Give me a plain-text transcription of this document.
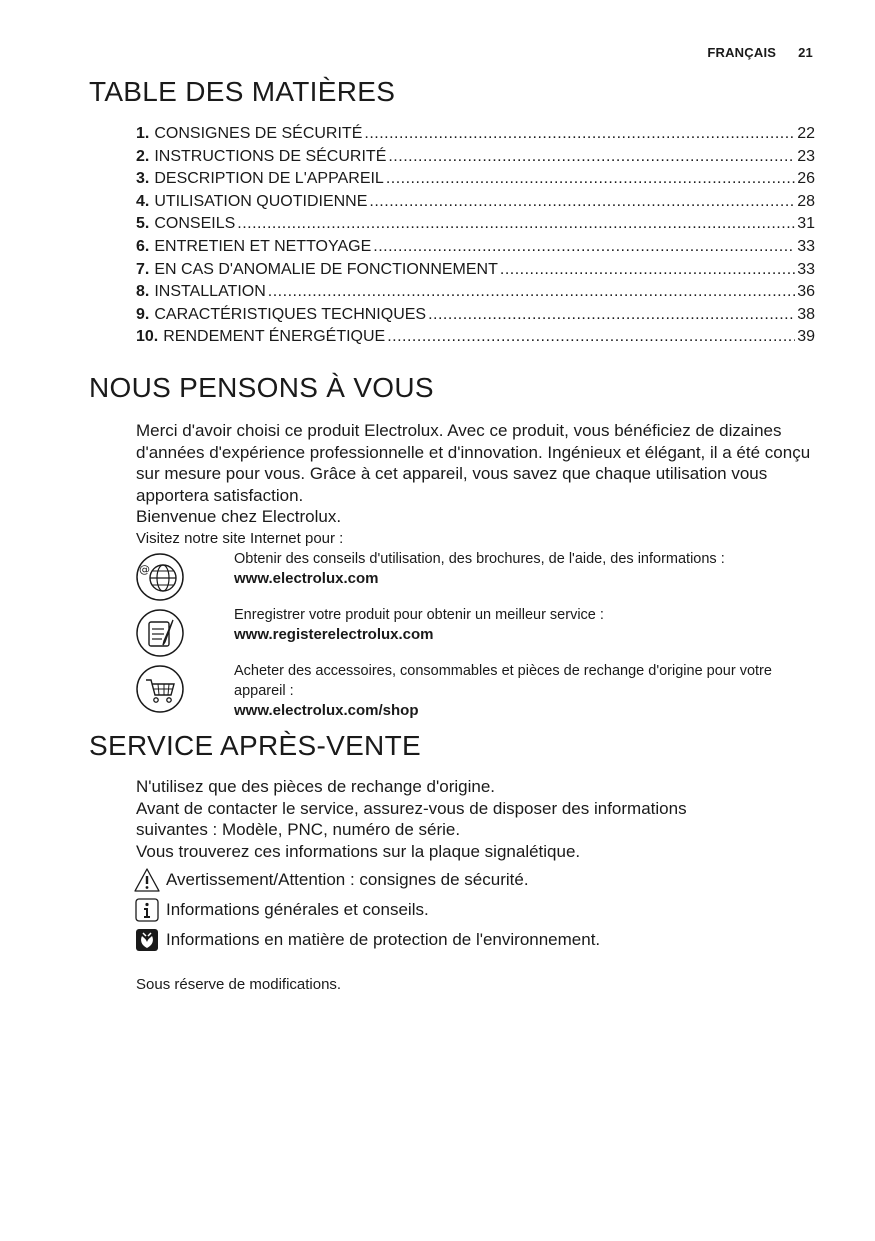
FRANÇAIS 21
TABLE DES MATIÈRES
1. CONSIGNES DE SÉCURITÉ .....	22
2. INSTRUCTIONS DE SÉCURITÉ .....	23
3. DESCRIPTION DE L'APPAREIL .....	26
4. UTILISATION QUOTIDIENNE .....	28
5. CONSEILS .....	31
6. ENTRETIEN ET NETTOYAGE .....	33
7. EN CAS D'ANOMALIE DE FONCTIONNEMENT .....	33
8. INSTALLATION .....	36
9. CARACTÉRISTIQUES TECHNIQUES .....	38
10. RENDEMENT ÉNERGÉTIQUE .....	39
NOUS PENSONS À VOUS

Merci d'avoir choisi ce produit Electrolux. Avec ce produit, vous bénéficiez de dizaines d'années d'expérience professionnelle et d'innovation. Ingénieux et élégant, il a été conçu sur mesure pour vous. Grâce à cet appareil, vous savez que chaque utilisation vous apportera satisfaction.

Bienvenue chez Electrolux.

Visitez notre site Internet pour :

@
Obtenir des conseils d'utilisation, des brochures, de l'aide, des informations :
www.electrolux.com
Enregistrer votre produit pour obtenir un meilleur service :
www.registerelectrolux.com
Acheter des accessoires, consommables et pièces de rechange d'origine pour votre appareil :
www.electrolux.com/shop
SERVICE APRÈS-VENTE

N'utilisez que des pièces de rechange d'origine.

Avant de contacter le service, assurez-vous de disposer des informations suivantes : Modèle, PNC, numéro de série.

Vous trouverez ces informations sur la plaque signalétique.

Avertissement/Attention : consignes de sécurité.
Informations générales et conseils.
Informations en matière de protection de l'environnement.
Sous réserve de modifications.
